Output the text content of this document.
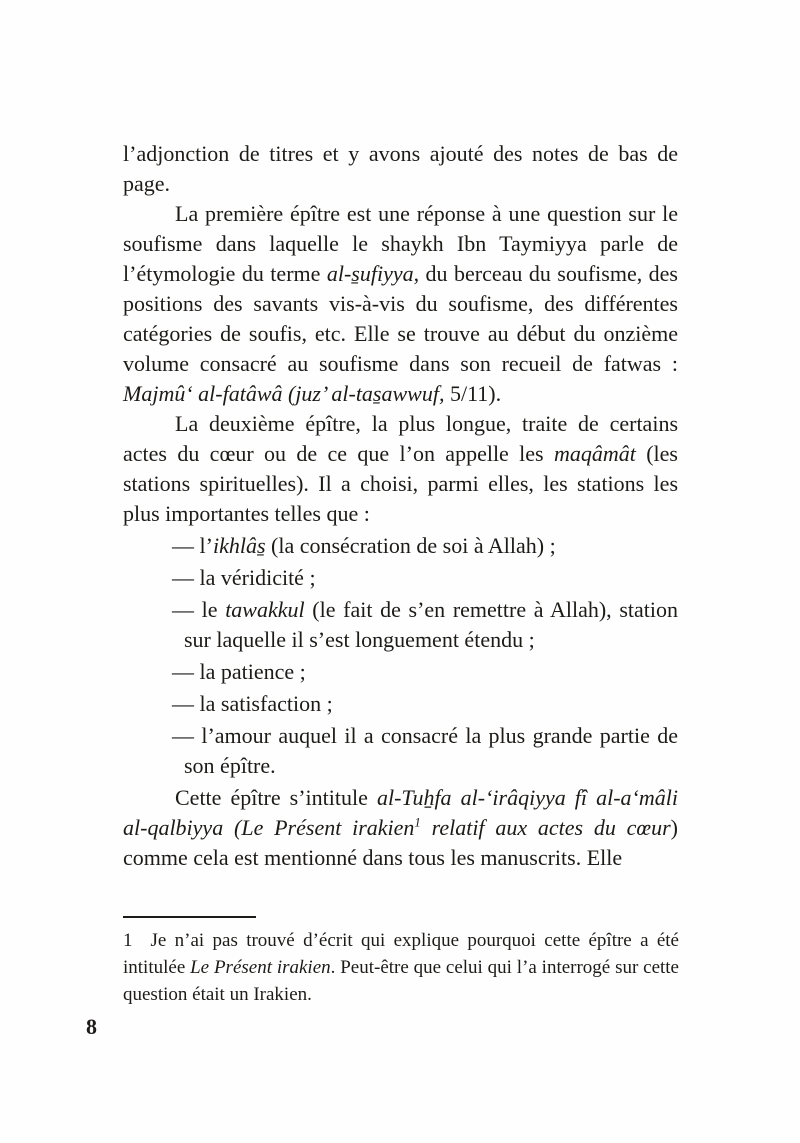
l’adjonction de titres et y avons ajouté des notes de bas de page.
La première épître est une réponse à une question sur le soufisme dans laquelle le shaykh Ibn Taymiyya parle de l’étymologie du terme al-s̱ufiyya, du berceau du soufisme, des positions des savants vis-à-vis du soufisme, des différentes catégories de soufis, etc. Elle se trouve au début du onzième volume consacré au soufisme dans son recueil de fatwas : Majmû‘ al-fatâwâ (juz’ al-tas̱awwuf, 5/11).
La deuxième épître, la plus longue, traite de certains actes du cœur ou de ce que l’on appelle les maqâmât (les stations spirituelles). Il a choisi, parmi elles, les stations les plus importantes telles que :
— l’ikhlâs̱ (la consécration de soi à Allah) ;
— la véridicité ;
— le tawakkul (le fait de s’en remettre à Allah), station sur laquelle il s’est longuement étendu ;
— la patience ;
— la satisfaction ;
— l’amour auquel il a consacré la plus grande partie de son épître.
Cette épître s’intitule al-Tuẖfa al-‘irâqiyya fî al-a‘mâli al-qalbiyya (Le Présent irakien$^1$ relatif aux actes du cœur) comme cela est mentionné dans tous les manuscrits. Elle
1 Je n’ai pas trouvé d’écrit qui explique pourquoi cette épître a été intitulée Le Présent irakien. Peut-être que celui qui l’a interrogé sur cette question était un Irakien.
8
